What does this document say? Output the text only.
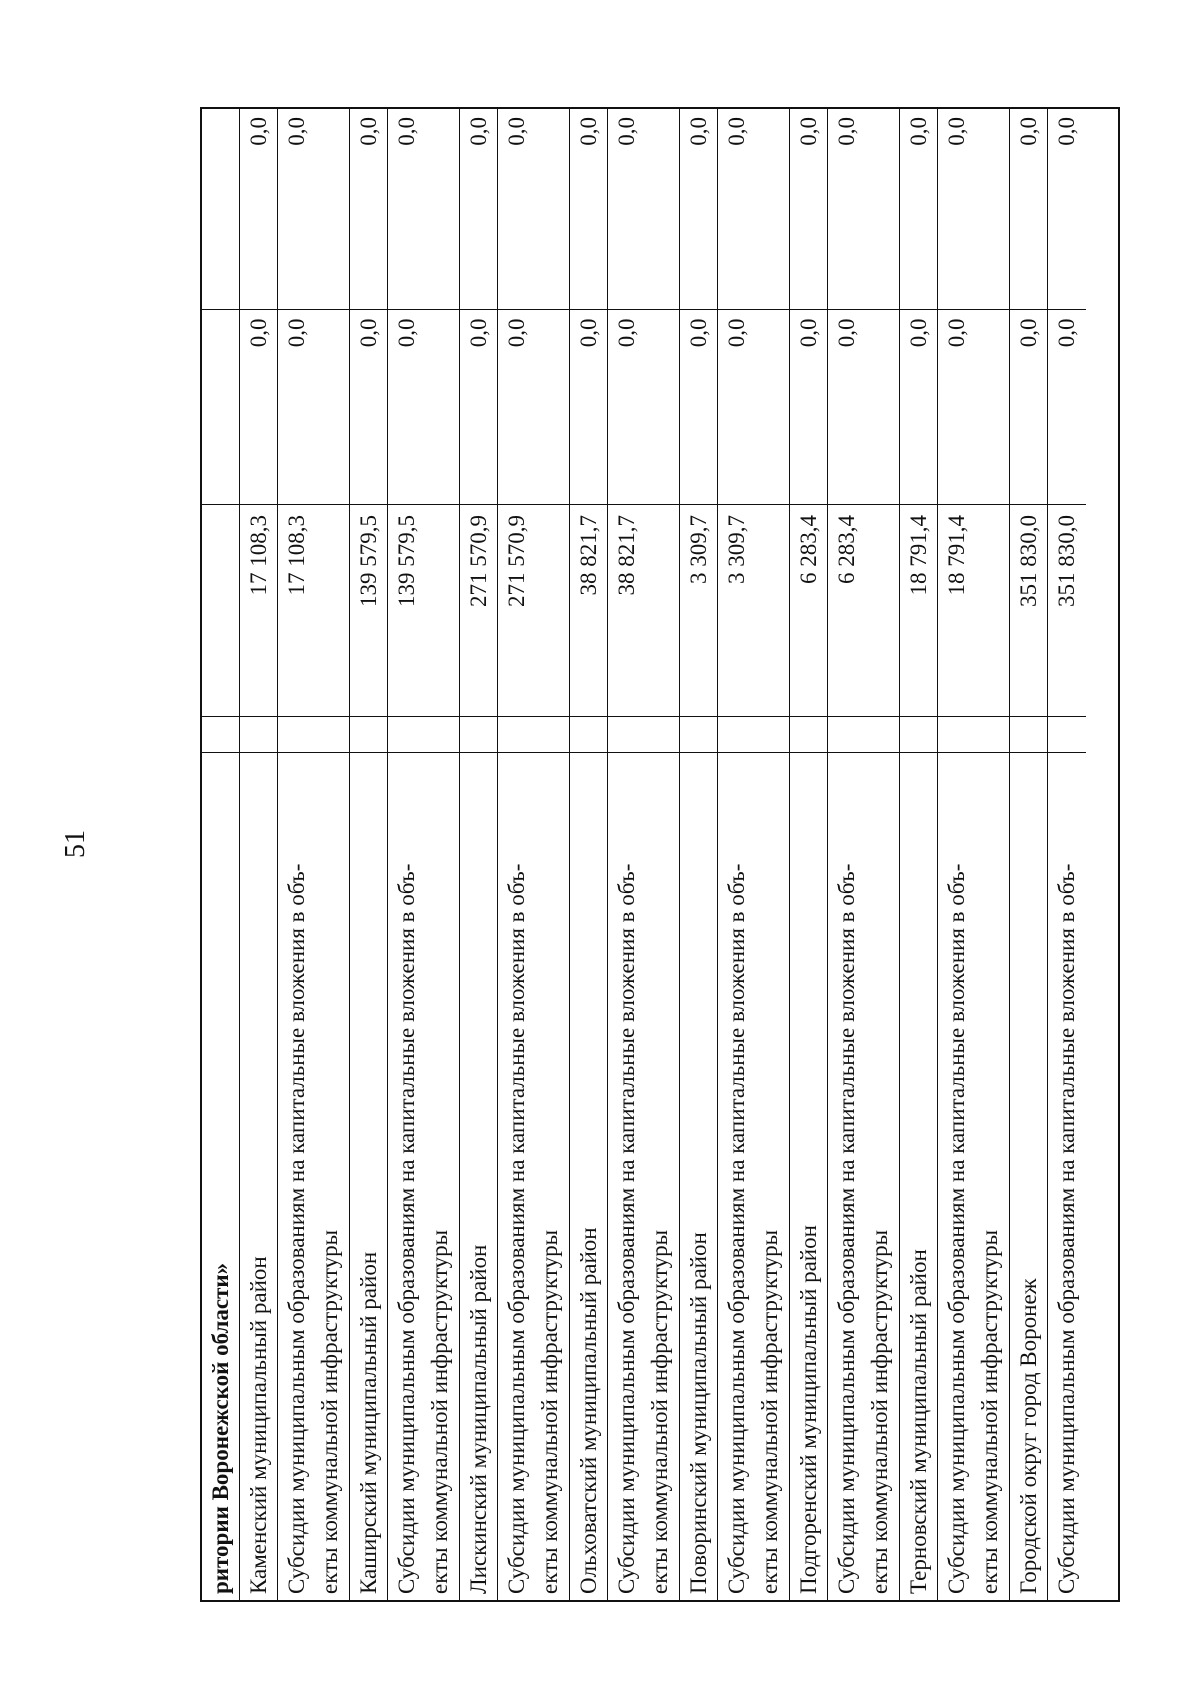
51
ритории Воронежской области» Каменский муниципальный район
17 108,3
0,0
0,0
Субсидии муниципальным образованиям на капитальные вложения в объ- екты коммунальной инфраструктуры
17 108,3
0,0
0,0
Каширский муниципальный район
139 579,5
0,0
0,0
Субсидии муниципальным образованиям на капитальные вложения в объ- екты коммунальной инфраструктуры
139 579,5
0,0
0,0
Лискинский муниципальный район
271 570,9
0,0
0,0
Субсидии муниципальным образованиям на капитальные вложения в объ- екты коммунальной инфраструктуры
271 570,9
0,0
0,0
Ольховатский муниципальный район
38 821,7
0,0
0,0
Субсидии муниципальным образованиям на капитальные вложения в объ- екты коммунальной инфраструктуры
38 821,7
0,0
0,0
Поворинский муниципальный район
3 309,7
0,0
0,0
Субсидии муниципальным образованиям на капитальные вложения в объ- екты коммунальной инфраструктуры
3 309,7
0,0
0,0
Подгоренский муниципальный район
6 283,4
0,0
0,0
Субсидии муниципальным образованиям на капитальные вложения в объ- екты коммунальной инфраструктуры
6 283,4
0,0
0,0
Терновский муниципальный район
18 791,4
0,0
0,0
Субсидии муниципальным образованиям на капитальные вложения в объ- екты коммунальной инфраструктуры
18 791,4
0,0
0,0
Городской округ город Воронеж
351 830,0
0,0
0,0
Субсидии муниципальным образованиям на капитальные вложения в объ-
351 830,0
0,0
0,0
